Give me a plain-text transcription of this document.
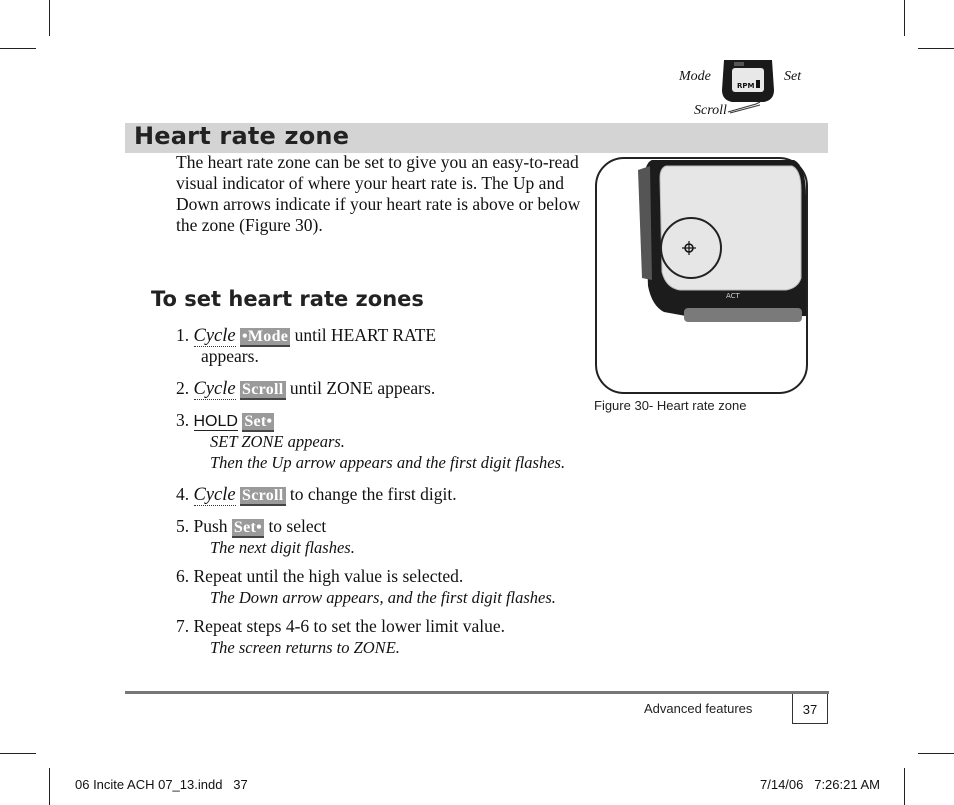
Mode	Set
Scroll
RPM
Heart rate zone
The heart rate zone can be set to give you an easy-to-read visual indicator of where your heart rate is. The Up and Down arrows indicate if your heart rate is above or below the zone (Figure 30).
To set heart rate zones
1. Cycle •Mode until HEART RATE
appears.
2. Cycle Scroll until ZONE appears.
3. HOLD Set•
SET ZONE appears.
Then the Up arrow appears and the first digit flashes.
4. Cycle Scroll to change the first digit.
5. Push Set• to select
The next digit flashes.
6. Repeat until the high value is selected.
The Down arrow appears, and the first digit flashes.
7. Repeat steps 4-6 to set the lower limit value.
The screen returns to ZONE.
ACT
Figure 30- Heart rate zone
Advanced features	37
06 Incite ACH 07_13.indd   37	7/14/06   7:26:21 AM
